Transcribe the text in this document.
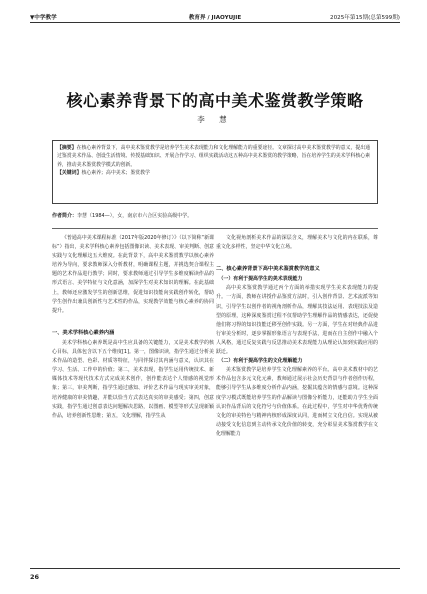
▼中学教学	教育界 / JIAOYUJIE	2025年第15期(总第599期)
核心素养背景下的高中美术鉴赏教学策略
李 慧
【摘要】在核心素养背景下，高中美术鉴赏教学是培养学生美术表现能力和文化理解能力的重要途径。文章探讨高中美术鉴赏教学的意义，提出通过鉴赏美术作品、创设生活情境、传授基础知识、开展合作学习、组织实践活动这五种高中美术鉴赏的教学策略，旨在培养学生的美术学科核心素养，推动美术鉴赏教学模式的创新。
【关键词】核心素养；高中美术；鉴赏教学
作者简介：李慧（1984—），女，南京市六合区实验高级中学。

《普通高中美术课程标准（2017年版2020年修订）》（以下简称“新课标”）指出，美术学科核心素养包括图像识读、美术表现、审美判断、创意实践与文化理解这五大维度。在此背景下，高中美术鉴赏教学以核心素养培养为导向，要求教师深入分析教材，明确课程主题，并挑选契合课程主题的艺术作品进行教学；同时，要求教师通过引导学生多维度解读作品的形式语言、美学特征与文化意涵，加深学生对美术知识的理解。在此基础上，教师还应激发学生的创新思维，促进知识技能向实践创作转化，帮助学生创作出兼具创新性与艺术性的作品，实现教学效能与核心素养的协同提升。

一、美术学科核心素养内涵

美术学科核心素养既是高中生应具备的关键能力，又是美术教学的核心目标，具体包含以下五个维度[1]。第一，图像识读，指学生通过分析美术作品的造型、色彩、材质等特征，与同伴探讨其内涵与意义，认识其在学习、生活、工作中的价值；第二，美术表现，指学生运用传统技术、新媒体技术等现代技术方式完成美术创作，创作能表达个人情感的视觉形象；第三，审美判断，指学生通过感知、评价艺术作品与现实审美对象，培养健康的审美情趣，并能以恰当方式表达真实的审美感受；第四，创意实践，指学生通过创意表达问题解决思路，以图画、模型等形式呈现新颖作品，培养创新性思维；第五，文化理解，指学生从

文化视角剖析美术作品的深层含义，理解美术与文化的内在联系，尊重文化多样性，坚定中华文化立场。

二、核心素养背景下高中美术鉴赏教学的意义

（一）有利于提高学生的美术表现能力

高中美术鉴赏教学通过丙个方面的举措实现学生美术表现能力的提升。一方面，教师在讲授作品鉴赏方法时，引入创作背景、艺术流派等知识，引导学生以创作者的视角剖析作品，理解其技法运用、表现技法及造型的原理，这种深度鉴赏过程不仅帮助学生理解作品的情感表达，还促使他们将习得的知识技能迁移至创作实践。另一方面，学生在对经典作品进行审美分析时，逐步掌握形象语言与表现手法，进而在自主创作中融入个人风格，通过反复实践与反思推动美术表现能力从理论认知到实践应用的跃迁。

（二）有利于提高学生的文化理解能力

美术鉴赏教学是培养学生文化理解素养的平台。高中美术教材中的艺术作品包含多元文化元素，教师通过展示社会历史背景与作者创作历程，能够引导学生从多维度分析作品内涵，挖掘其蕴含的情感与意境。这种深度学习模式既能培养学生的作品解读与图像分析能力，还能助力学生全面认识作品背后的文化符号与价值体系。在此过程中，学生对中华优秀传统文化的审美特色与精神内核形成深度认同，进而树立文化自信。实现从被动接受文化信息到主动传承文化价值的转变，充分彰显美术鉴赏教学在文化理解能力

26
